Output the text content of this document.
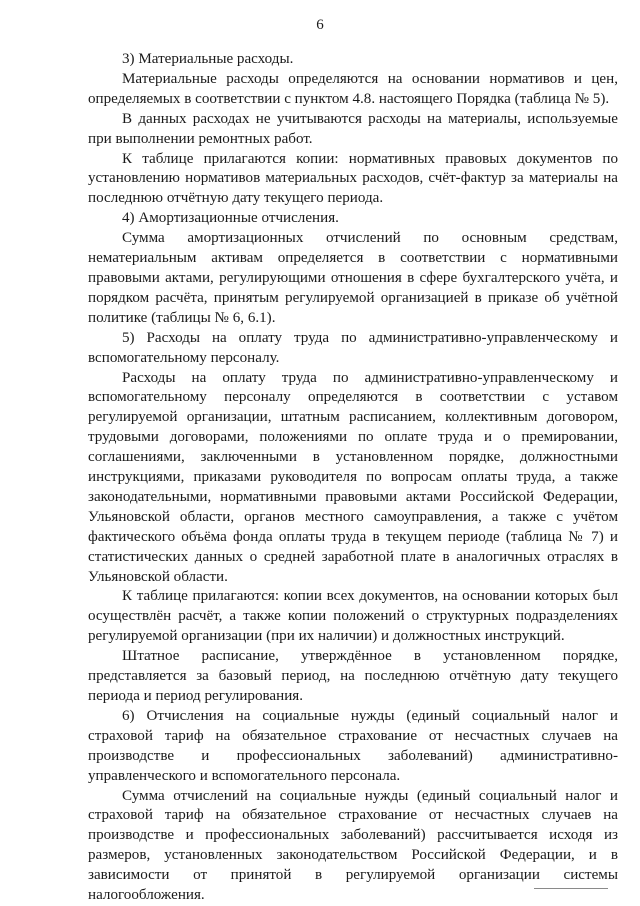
6

3) Материальные расходы.

Материальные расходы определяются на основании нормативов и цен, определяемых в соответствии с пунктом 4.8. настоящего Порядка (таблица № 5).

В данных расходах не учитываются расходы на материалы, используемые при выполнении ремонтных работ.

К таблице прилагаются копии: нормативных правовых документов по установлению нормативов материальных расходов, счёт-фактур за материалы на последнюю отчётную дату текущего периода.

4) Амортизационные отчисления.

Сумма амортизационных отчислений по основным средствам, нематериальным активам определяется в соответствии с нормативными правовыми актами, регулирующими отношения в сфере бухгалтерского учёта, и порядком расчёта, принятым регулируемой организацией в приказе об учётной политике (таблицы № 6, 6.1).

5) Расходы на оплату труда по административно-управленческому и вспомогательному персоналу.

Расходы на оплату труда по административно-управленческому и вспомогательному персоналу определяются в соответствии с уставом регулируемой организации, штатным расписанием, коллективным договором, трудовыми договорами, положениями по оплате труда и о премировании, соглашениями, заключенными в установленном порядке, должностными инструкциями, приказами руководителя по вопросам оплаты труда, а также законодательными, нормативными правовыми актами Российской Федерации, Ульяновской области, органов местного самоуправления, а также с учётом фактического объёма фонда оплаты труда в текущем периоде (таблица № 7) и статистических данных о средней заработной плате в аналогичных отраслях в Ульяновской области.

К таблице прилагаются: копии всех документов, на основании которых был осуществлён расчёт, а также копии положений о структурных подразделениях регулируемой организации (при их наличии) и должностных инструкций.

Штатное расписание, утверждённое в установленном порядке, представляется за базовый период, на последнюю отчётную дату текущего периода и период регулирования.

6) Отчисления на социальные нужды (единый социальный налог и страховой тариф на обязательное страхование от несчастных случаев на производстве и профессиональных заболеваний) административно-управленческого и вспомогательного персонала.

Сумма отчислений на социальные нужды (единый социальный налог и страховой тариф на обязательное страхование от несчастных случаев на производстве и профессиональных заболеваний) рассчитывается исходя из размеров, установленных законодательством Российской Федерации, и в зависимости от принятой в регулируемой организации системы налогообложения.
